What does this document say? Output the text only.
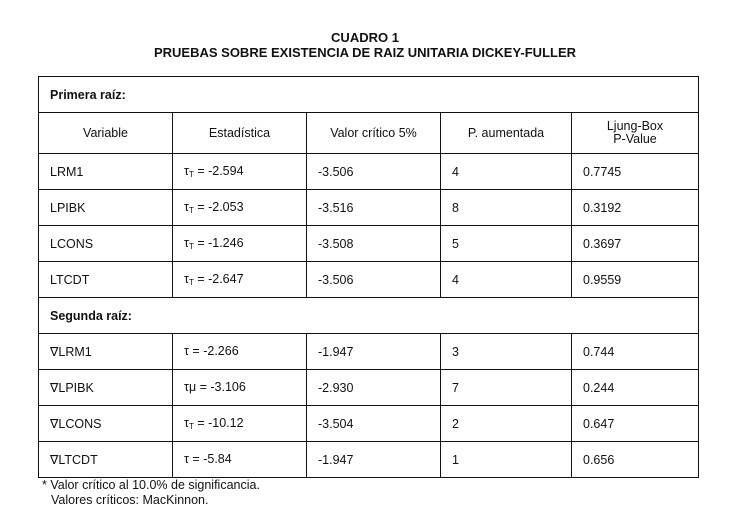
CUADRO 1
PRUEBAS SOBRE EXISTENCIA DE RAIZ UNITARIA DICKEY-FULLER
Primera raíz:				
Variable	Estadística	Valor crítico 5%	P. aumentada	Ljung-Box
P-Value

LRM1	$\tau_T = -2.594$	-3.506	4	0.7745
LPIBK	$\tau_T = -2.053$	-3.516	8	0.3192
LCONS	$\tau_T = -1.246$	-3.508	5	0.3697
LTCDT	$\tau_T = -2.647$	-3.506	4	0.9559
Segunda raíz:				
∇LRM1	τ = -2.266	-1.947	3	0.744
∇LPIBK	τμ = -3.106	-2.930	7	0.244
∇LCONS	$\tau_T = -10.12$	-3.504	2	0.647
∇LTCDT	τ = -5.84	-1.947	1	0.656
* Valor crítico al 10.0% de significancia.
Valores críticos: MacKinnon.
